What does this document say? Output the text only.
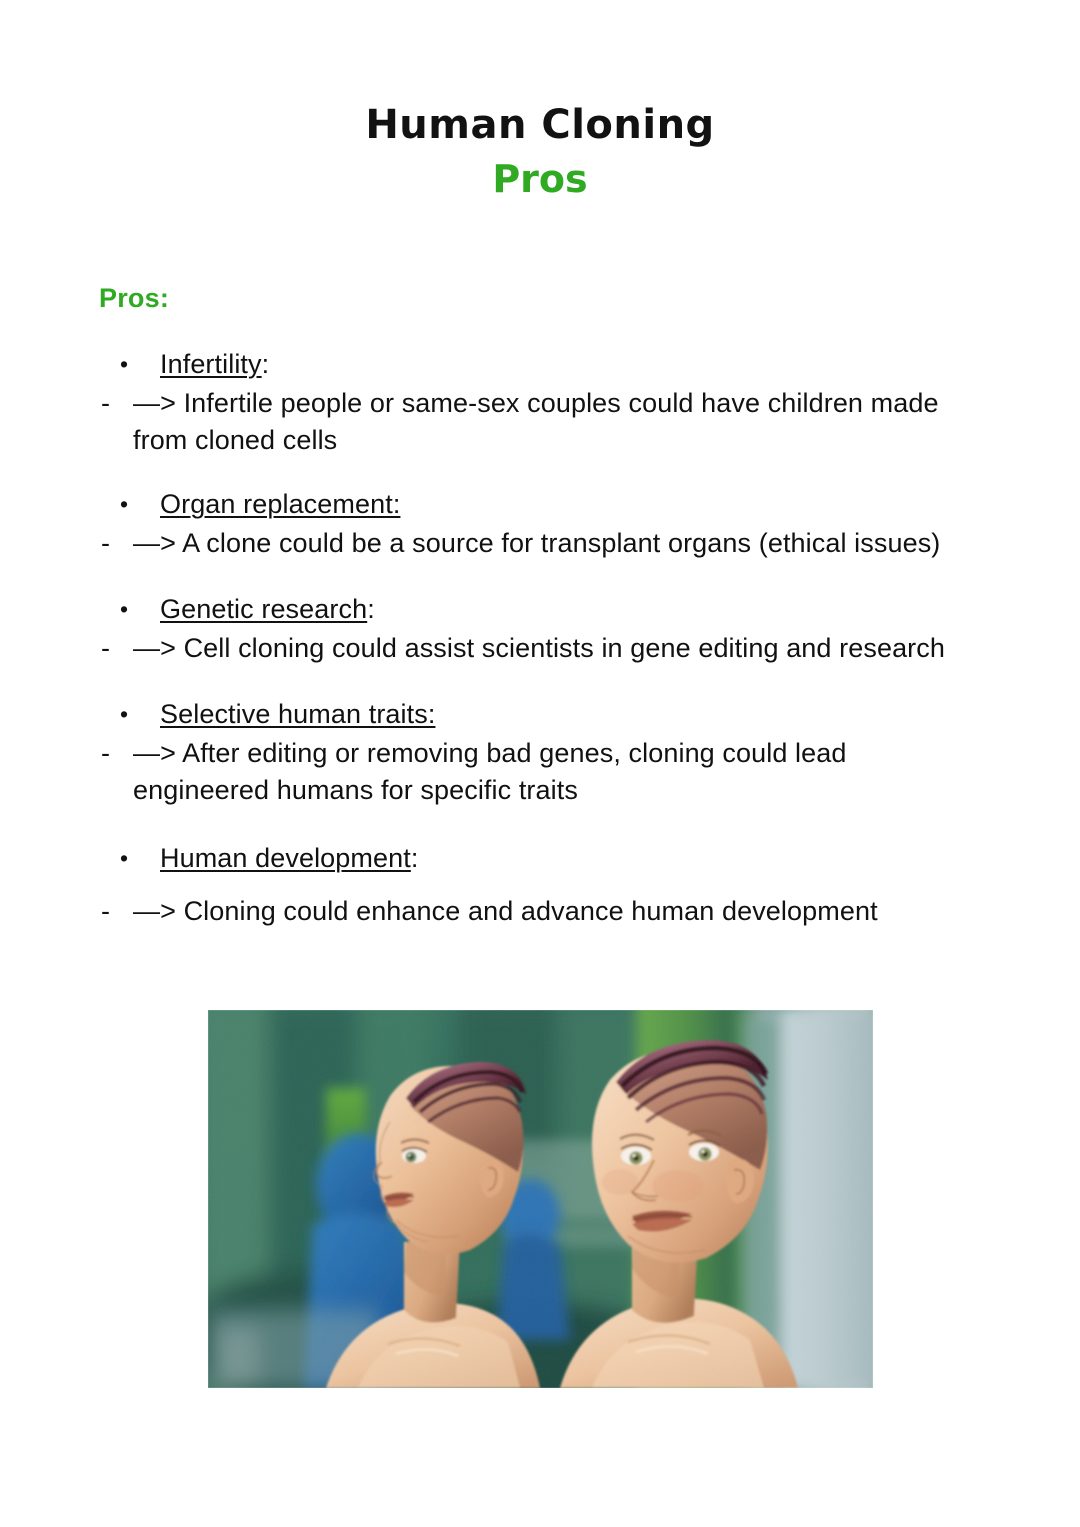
Human Cloning
Pros
Pros:
• Infertility:
- —> Infertile people or same-sex couples could have children made from cloned cells
• Organ replacement:
- —> A clone could be a source for transplant organs (ethical issues)
• Genetic research:
- —> Cell cloning could assist scientists in gene editing and research
• Selective human traits:
- —> After editing or removing bad genes, cloning could lead engineered humans for specific traits
• Human development:
- —> Cloning could enhance and advance human development
